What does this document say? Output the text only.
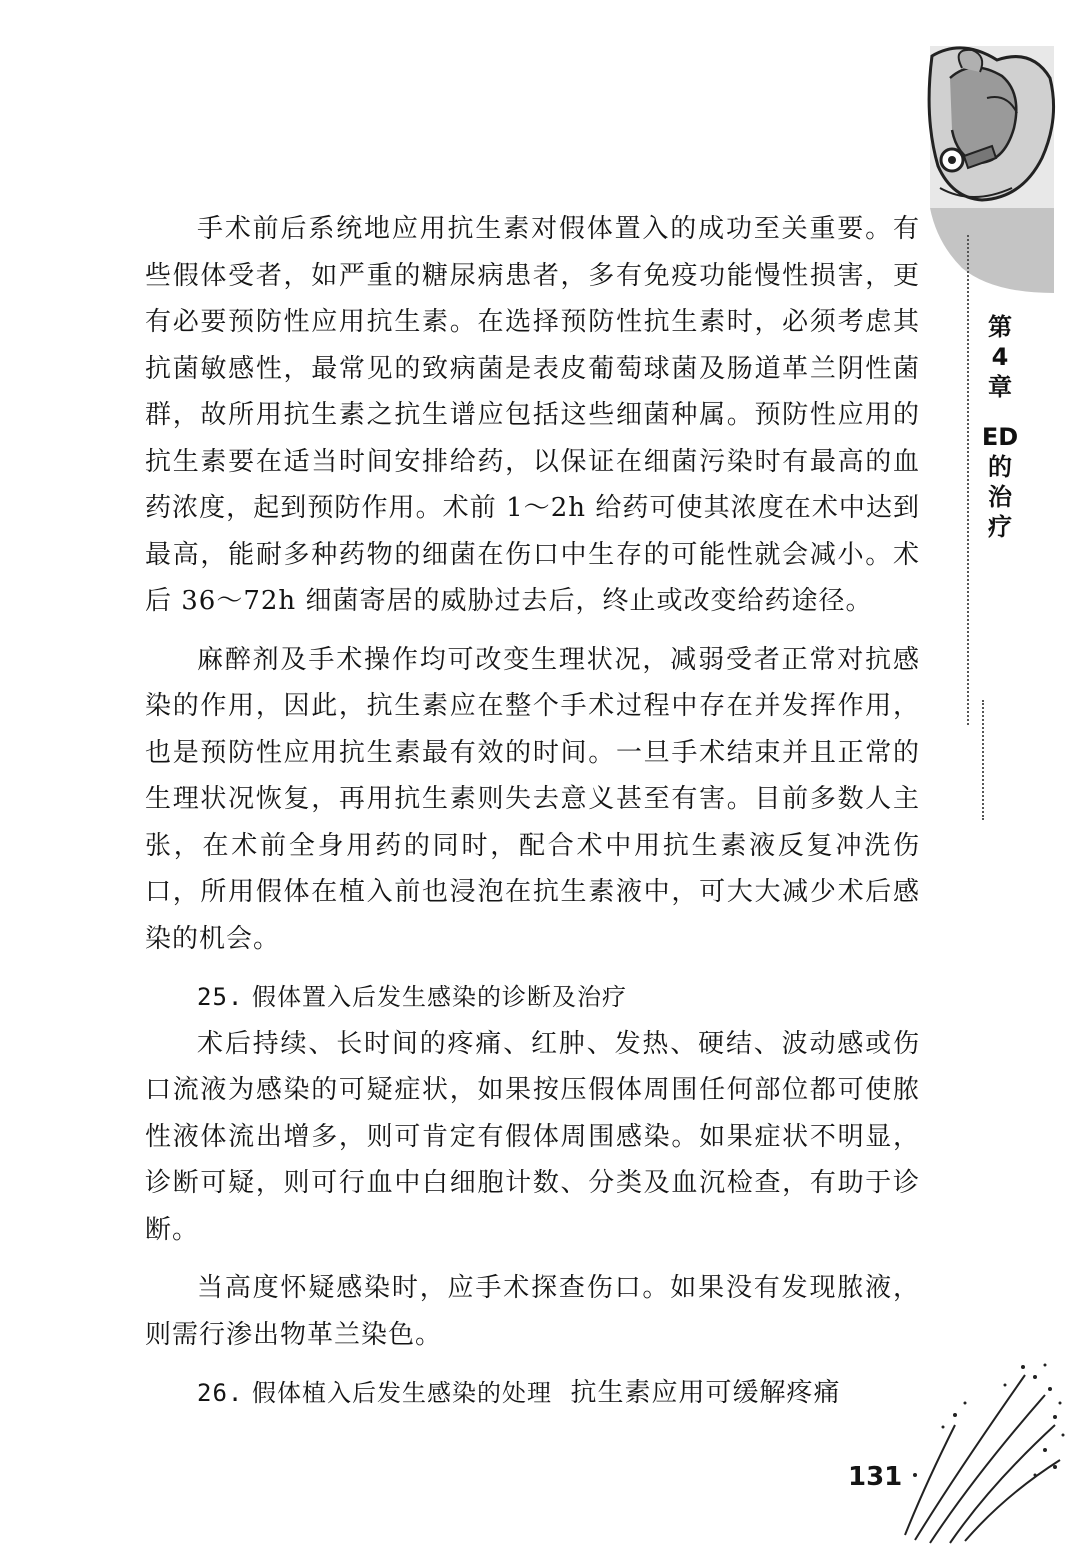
第
4
章
ED
的
治
疗

手术前后系统地应用抗生素对假体置入的成功至关重要。有些假体受者，如严重的糖尿病患者，多有免疫功能慢性损害，更有必要预防性应用抗生素。在选择预防性抗生素时，必须考虑其抗菌敏感性，最常见的致病菌是表皮葡萄球菌及肠道革兰阴性菌群，故所用抗生素之抗生谱应包括这些细菌种属。预防性应用的抗生素要在适当时间安排给药，以保证在细菌污染时有最高的血药浓度，起到预防作用。术前 1～2h 给药可使其浓度在术中达到最高，能耐多种药物的细菌在伤口中生存的可能性就会减小。术后 36～72h 细菌寄居的威胁过去后，终止或改变给药途径。

麻醉剂及手术操作均可改变生理状况，减弱受者正常对抗感染的作用，因此，抗生素应在整个手术过程中存在并发挥作用，也是预防性应用抗生素最有效的时间。一旦手术结束并且正常的生理状况恢复，再用抗生素则失去意义甚至有害。目前多数人主张，在术前全身用药的同时，配合术中用抗生素液反复冲洗伤口，所用假体在植入前也浸泡在抗生素液中，可大大减少术后感染的机会。

25. 假体置入后发生感染的诊断及治疗

术后持续、长时间的疼痛、红肿、发热、硬结、波动感或伤口流液为感染的可疑症状，如果按压假体周围任何部位都可使脓性液体流出增多，则可肯定有假体周围感染。如果症状不明显，诊断可疑，则可行血中白细胞计数、分类及血沉检查，有助于诊断。

当高度怀疑感染时，应手术探查伤口。如果没有发现脓液，则需行渗出物革兰染色。

26. 假体植入后发生感染的处理 抗生素应用可缓解疼痛

131
